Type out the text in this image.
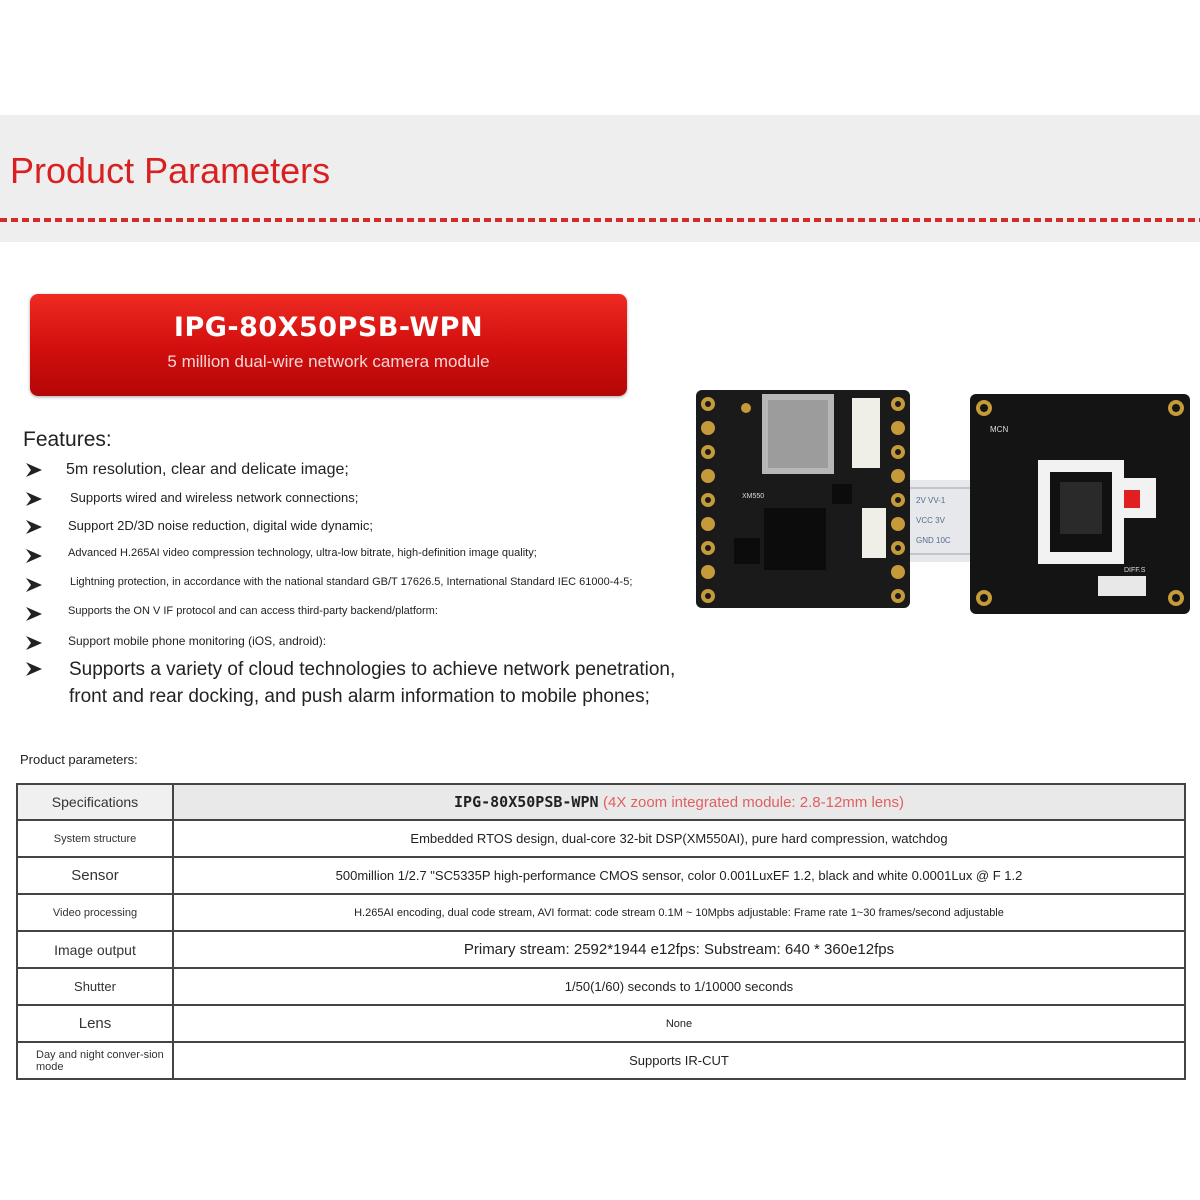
Product Parameters
IPG-80X50PSB-WPN
5 million dual-wire network camera module
Features:
5m resolution, clear and delicate image;
Supports wired and wireless network connections;
Support 2D/3D noise reduction, digital wide dynamic;
Advanced H.265AI video compression technology, ultra-low bitrate, high-definition image quality;
Lightning protection, in accordance with the national standard GB/T 17626.5, International Standard IEC 61000-4-5;
Supports the ON V IF protocol and can access third-party backend/platform:
Support mobile phone monitoring (iOS, android):
Supports a variety of cloud technologies to achieve network penetration,
front and rear docking, and push alarm information to mobile phones;
2V VV-1
VCC 3V
GND 10C
XM550
DIFF.S
MCN
Product parameters:
Specifications	IPG-80X50PSB-WPN (4X zoom integrated module: 2.8-12mm lens)
System structure	Embedded RTOS design, dual-core 32-bit DSP(XM550AI), pure hard compression, watchdog
Sensor	500million 1/2.7 "SC5335P high-performance CMOS sensor, color 0.001LuxEF 1.2, black and white 0.0001Lux @ F 1.2
Video processing	H.265AI encoding, dual code stream, AVI format: code stream 0.1M ~ 10Mpbs adjustable: Frame rate 1~30 frames/second adjustable
Image output	Primary stream: 2592*1944 e12fps: Substream: 640 * 360e12fps
Shutter	1/50(1/60) seconds to 1/10000 seconds
Lens	None
Day and night conver-sion mode	Supports IR-CUT
